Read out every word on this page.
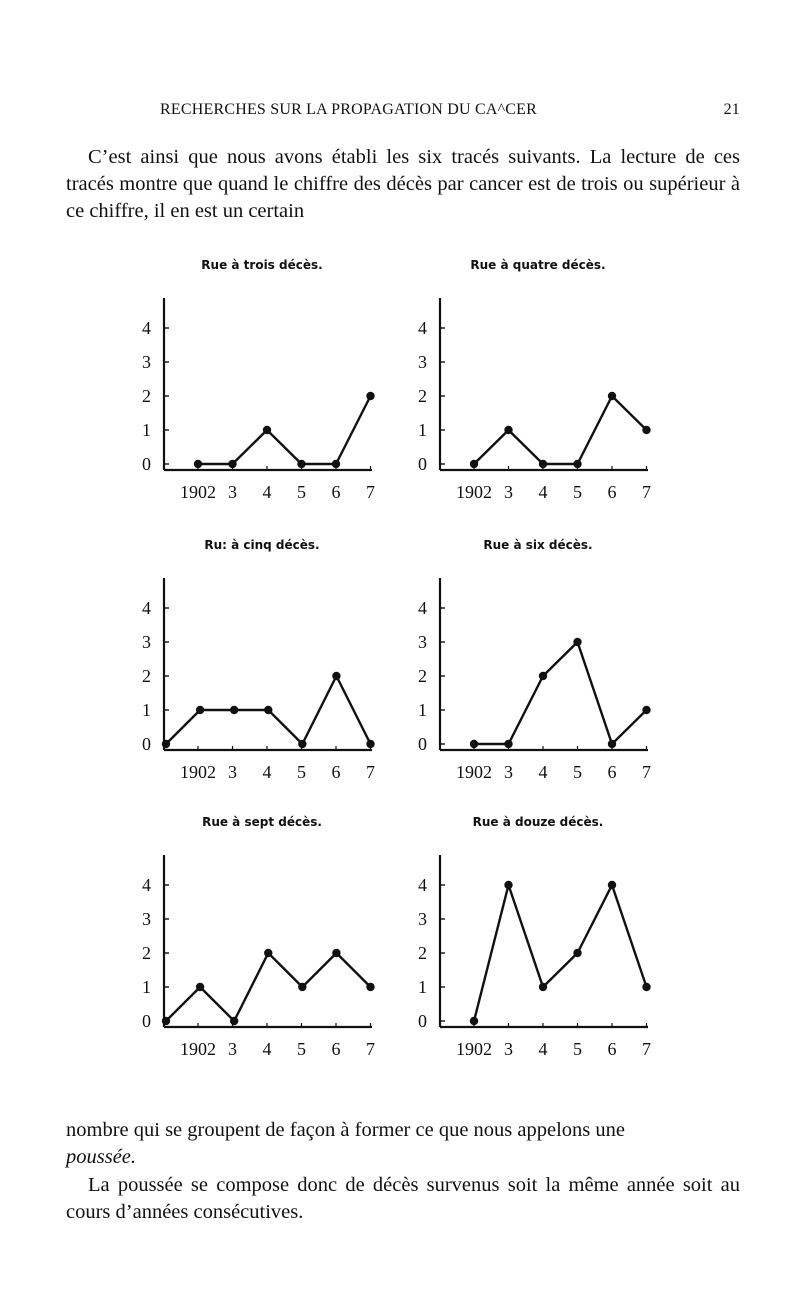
RECHERCHES SUR LA PROPAGATION DU CA^CER	21
C’est ainsi que nous avons établi les six tracés suivants. La lecture de ces tracés montre que quand le chiffre des décès par cancer est de trois ou supérieur à ce chiffre, il en est un certain
Rue à trois décès.
0
1
2
3
4
1902 3 4 5 6 7
Rue à quatre décès.
0
1
2
3
4
1902 3 4 5 6 7
Ru: à cinq décès.
0
1
2
3
4
1902 3 4 5 6 7
Rue à six décès.
0
1
2
3
4
1902 3 4 5 6 7
Rue à sept décès.
0
1
2
3
4
1902 3 4 5 6 7
Rue à douze décès.
0
1
2
3
4
1902 3 4 5 6 7
nombre qui se groupent de façon à former ce que nous appelons une
poussée.
La poussée se compose donc de décès survenus soit la même année soit au cours d’années consécutives.
